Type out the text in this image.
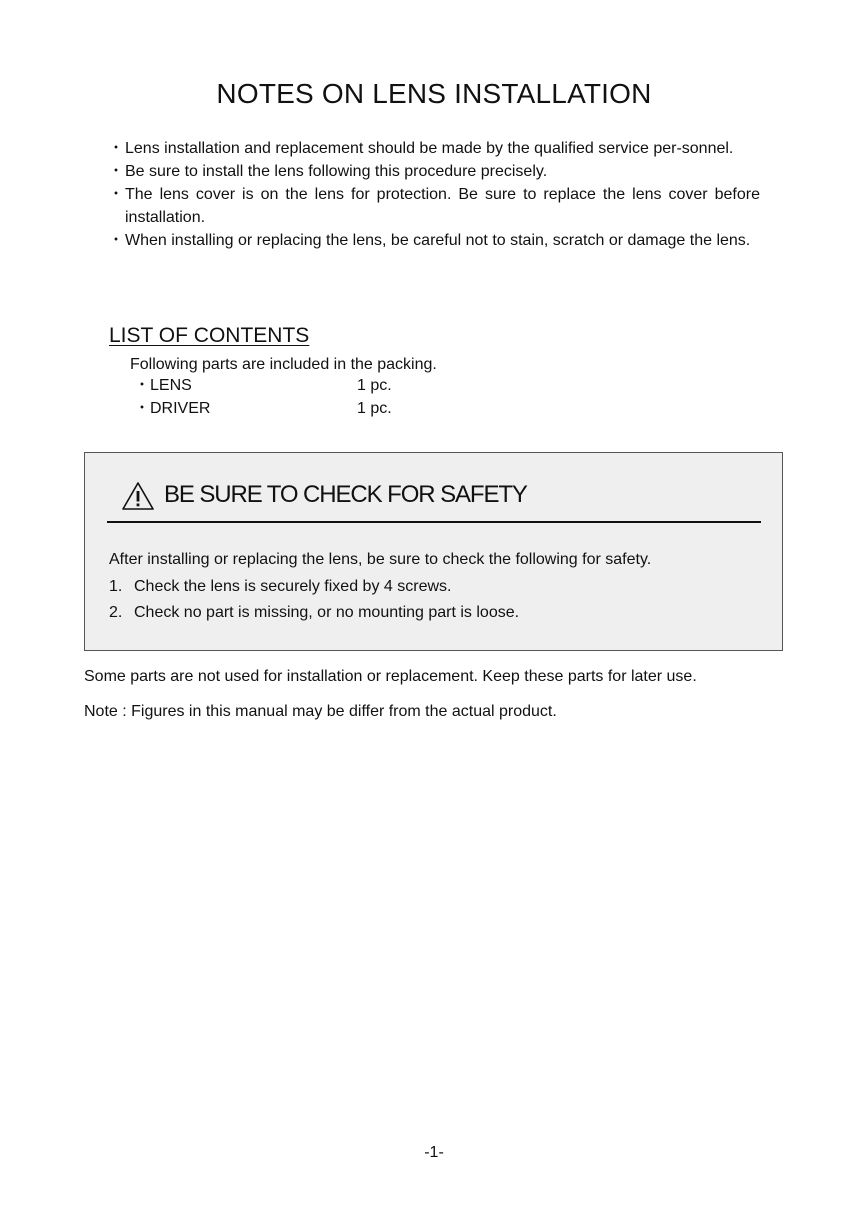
NOTES ON LENS INSTALLATION
・ Lens installation and replacement should be made by the qualified service per-sonnel.
・ Be sure to install the lens following this procedure precisely.
・ The lens cover is on the lens for protection. Be sure to replace the lens cover before installation.
・ When installing or replacing the lens, be careful not to stain, scratch or damage the lens.
LIST OF CONTENTS
Following parts are included in the packing.
・ LENS	1 pc.
・ DRIVER	1 pc.
BE SURE TO CHECK FOR SAFETY
After installing or replacing the lens, be sure to check the following for safety.
1. Check the lens is securely fixed by 4 screws.
2. Check no part is missing, or no mounting part is loose.
Some parts are not used for installation or replacement. Keep these parts for later use.
Note : Figures in this manual may be differ from the actual product.
-1-
